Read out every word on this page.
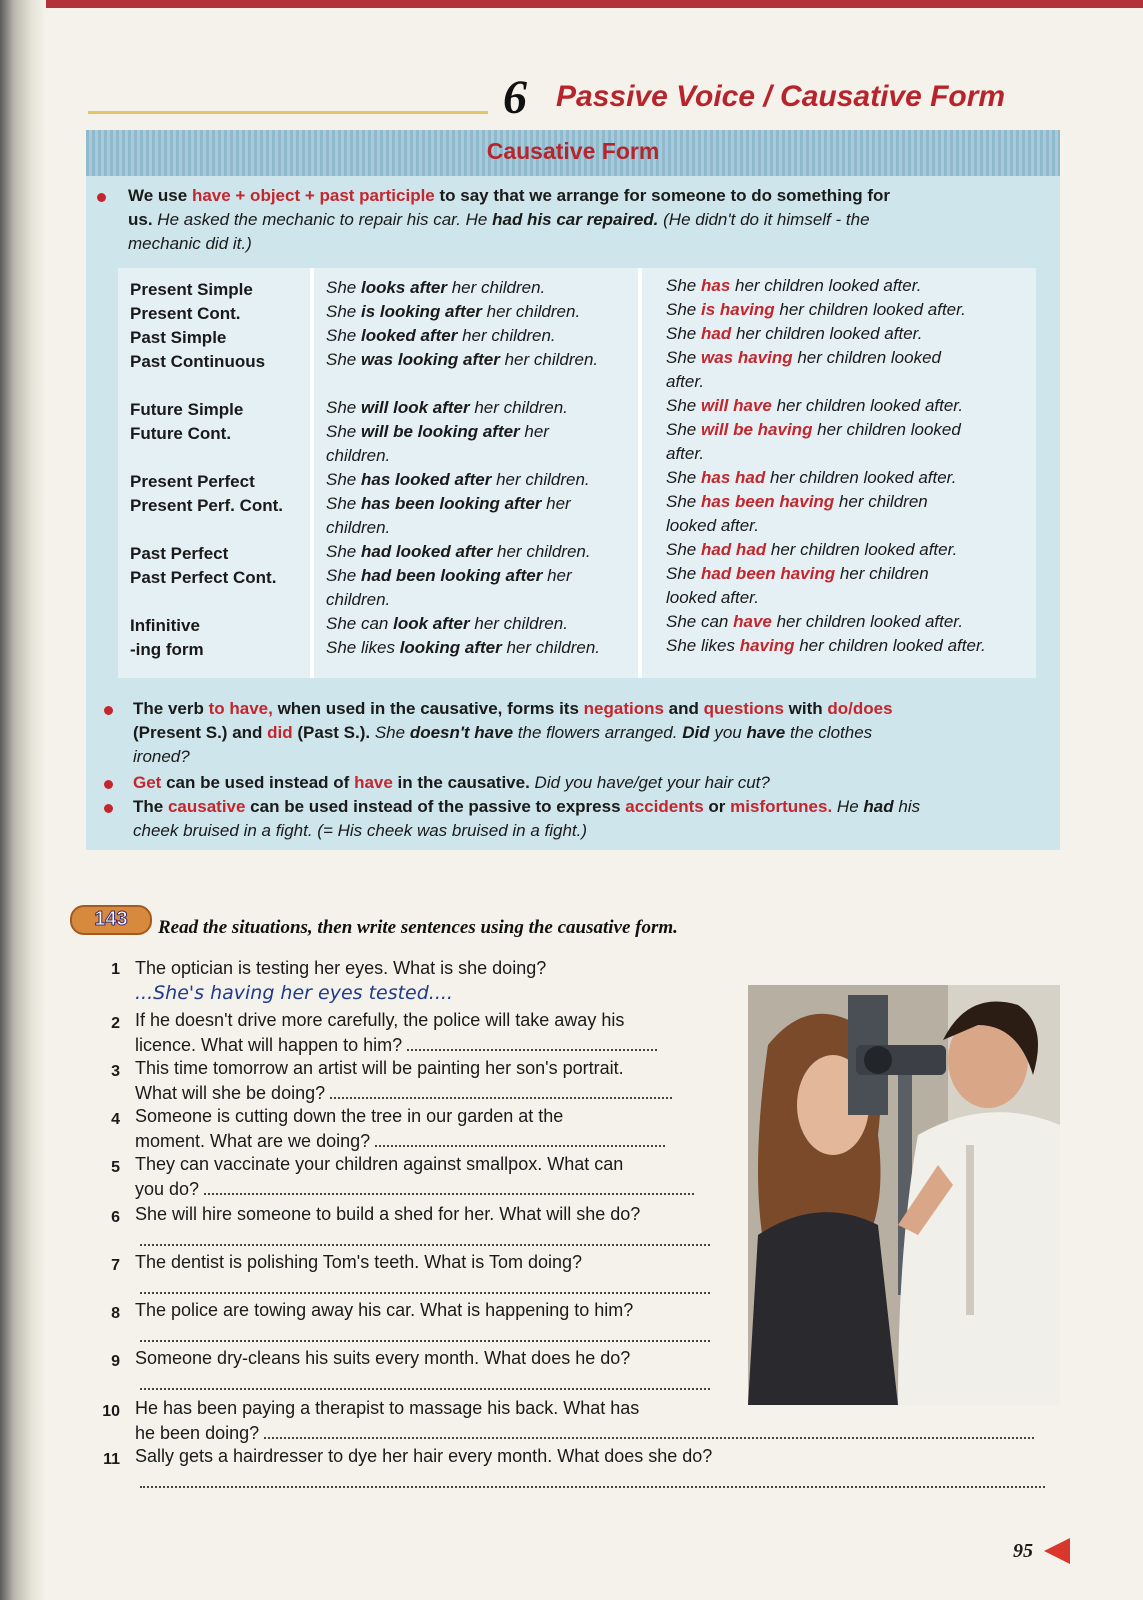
6 Passive Voice / Causative Form
Causative Form
We use have + object + past participle to say that we arrange for someone to do something for
us. He asked the mechanic to repair his car. He had his car repaired. (He didn't do it himself - the
mechanic did it.)
Present Simple
Present Cont.
Past Simple
Past Continuous
Future Simple
Future Cont.
Present Perfect
Present Perf. Cont.
Past Perfect
Past Perfect Cont.
Infinitive
-ing form
She looks after her children.
She is looking after her children.
She looked after her children.
She was looking after her children.
She will look after her children.
She will be looking after her
children.
She has looked after her children.
She has been looking after her
children.
She had looked after her children.
She had been looking after her
children.
She can look after her children.
She likes looking after her children.
She has her children looked after.
She is having her children looked after.
She had her children looked after.
She was having her children looked
after.
She will have her children looked after.
She will be having her children looked
after.
She has had her children looked after.
She has been having her children
looked after.
She had had her children looked after.
She had been having her children
looked after.
She can have her children looked after.
She likes having her children looked after.
The verb to have, when used in the causative, forms its negations and questions with do/does
(Present S.) and did (Past S.). She doesn't have the flowers arranged. Did you have the clothes
ironed?
Get can be used instead of have in the causative. Did you have/get your hair cut?
The causative can be used instead of the passive to express accidents or misfortunes. He had his
cheek bruised in a fight. (= His cheek was bruised in a fight.)
143	Read the situations, then write sentences using the causative form.
1 The optician is testing her eyes. What is she doing?
...She's having her eyes tested....
2 If he doesn't drive more carefully, the police will take away his
licence. What will happen to him?
3 This time tomorrow an artist will be painting her son's portrait.
What will she be doing?
4 Someone is cutting down the tree in our garden at the
moment. What are we doing?
5 They can vaccinate your children against smallpox. What can
you do?
6 She will hire someone to build a shed for her. What will she do?
7 The dentist is polishing Tom's teeth. What is Tom doing?
8 The police are towing away his car. What is happening to him?
9 Someone dry-cleans his suits every month. What does he do?
10 He has been paying a therapist to massage his back. What has
he been doing?
11 Sally gets a hairdresser to dye her hair every month. What does she do?
95
